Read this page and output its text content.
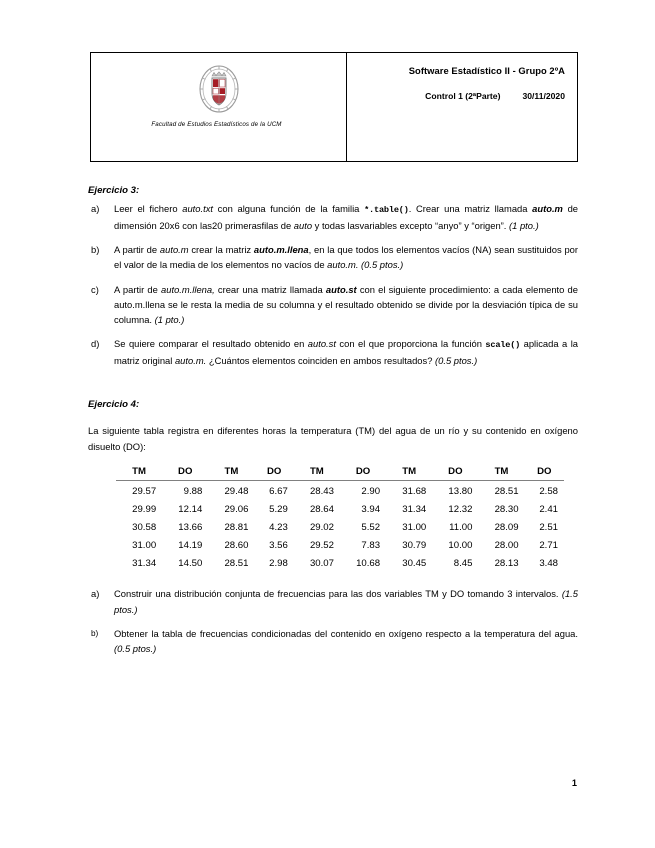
Facultad de Estudios Estadísticos de la UCM
Software Estadístico II - Grupo 2ºA
Control 1 (2ªParte)	30/11/2020
Ejercicio 3:
a) Leer el fichero auto.txt con alguna función de la familia *.table(). Crear una matriz llamada auto.m de dimensión 20x6 con las20 primerasfilas de auto y todas lasvariables excepto “anyo” y “origen”. (1 pto.)
b) A partir de auto.m crear la matriz auto.m.llena, en la que todos los elementos vacíos (NA) sean sustituidos por el valor de la media de los elementos no vacíos de auto.m. (0.5 ptos.)
c) A partir de auto.m.llena, crear una matriz llamada auto.st con el siguiente procedimiento: a cada elemento de auto.m.llena se le resta la media de su columna y el resultado obtenido se divide por la desviación típica de su columna. (1 pto.)
d) Se quiere comparar el resultado obtenido en auto.st con el que proporciona la función scale() aplicada a la matriz original auto.m. ¿Cuántos elementos coinciden en ambos resultados? (0.5 ptos.)
Ejercicio 4:

La siguiente tabla registra en diferentes horas la temperatura (TM) del agua de un río y su contenido en oxígeno disuelto (DO):

TM	DO	TM	DO	TM	DO	TM	DO	TM	DO
29.57	9.88	29.48	6.67	28.43	2.90	31.68	13.80	28.51	2.58
29.99	12.14	29.06	5.29	28.64	3.94	31.34	12.32	28.30	2.41
30.58	13.66	28.81	4.23	29.02	5.52	31.00	11.00	28.09	2.51
31.00	14.19	28.60	3.56	29.52	7.83	30.79	10.00	28.00	2.71
31.34	14.50	28.51	2.98	30.07	10.68	30.45	8.45	28.13	3.48
a) Construir una distribución conjunta de frecuencias para las dos variables TM y DO tomando 3 intervalos. (1.5 ptos.)
b) Obtener la tabla de frecuencias condicionadas del contenido en oxígeno respecto a la temperatura del agua. (0.5 ptos.)
1
